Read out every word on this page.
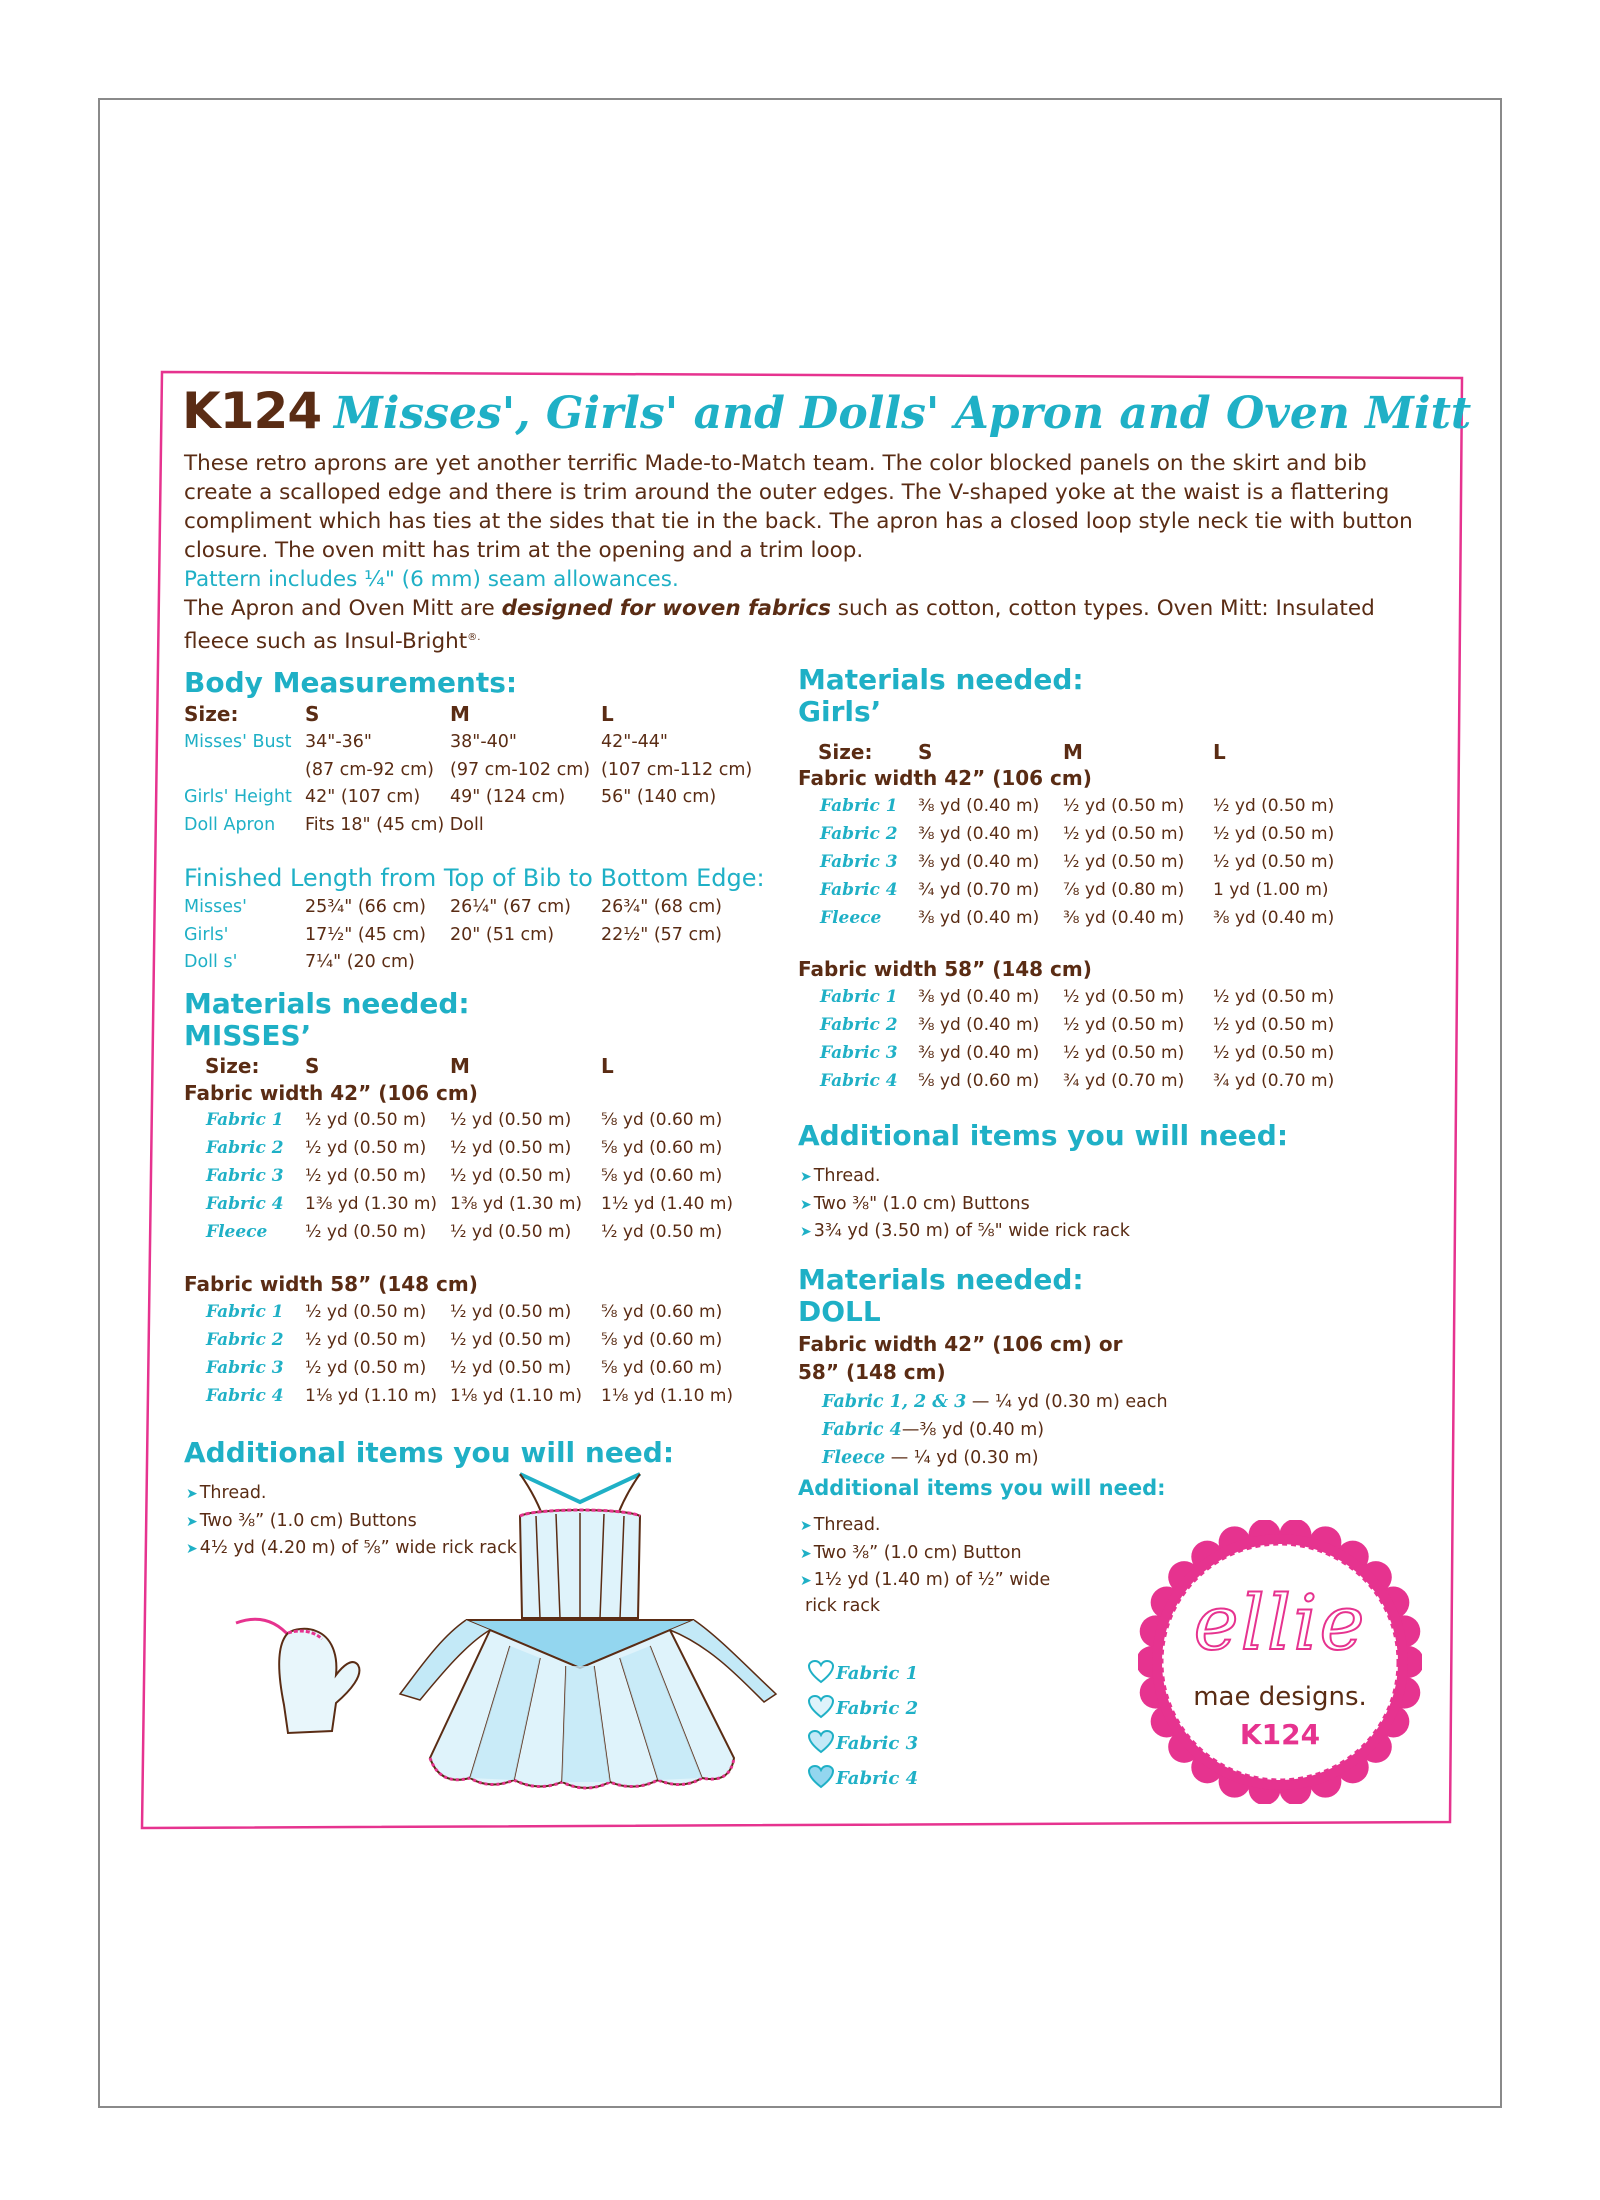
K124 Misses', Girls' and Dolls' Apron and Oven Mitt

These retro aprons are yet another terrific Made-to-Match team. The color blocked panels on the skirt and bib create a scalloped edge and there is trim around the outer edges. The V-shaped yoke at the waist is a flattering compliment which has ties at the sides that tie in the back. The apron has a closed loop style neck tie with button closure. The oven mitt has trim at the opening and a trim loop.

Pattern includes ¼" (6 mm) seam allowances.

The Apron and Oven Mitt are designed for woven fabrics such as cotton, cotton types. Oven Mitt: Insulated fleece such as Insul-Bright®.

Body Measurements:
Size:	S	M	L
Misses' Bust 34"-36"	38"-40"	42"-44"
(87 cm-92 cm) (97 cm-102 cm) (107 cm-112 cm)
Girls' Height 42" (107 cm) 49" (124 cm) 56" (140 cm)
Doll Apron Fits 18" (45 cm) Doll
Finished Length from Top of Bib to Bottom Edge:
Misses'	25¾" (66 cm) 26¼" (67 cm) 26¾" (68 cm)
Girls'	17½" (45 cm) 20" (51 cm)	22½" (57 cm)
Doll s'	7¼" (20 cm)
Materials needed:
MISSES’
Size: S	M	L
Fabric width 42” (106 cm)
Fabric 1 ½ yd (0.50 m) ½ yd (0.50 m) ⅝ yd (0.60 m)
Fabric 2 ½ yd (0.50 m) ½ yd (0.50 m) ⅝ yd (0.60 m)
Fabric 3 ½ yd (0.50 m) ½ yd (0.50 m) ⅝ yd (0.60 m)
Fabric 4 1⅜ yd (1.30 m) 1⅜ yd (1.30 m) 1½ yd (1.40 m)
Fleece ½ yd (0.50 m) ½ yd (0.50 m) ½ yd (0.50 m)
Fabric width 58” (148 cm)
Fabric 1 ½ yd (0.50 m) ½ yd (0.50 m) ⅝ yd (0.60 m)
Fabric 2 ½ yd (0.50 m) ½ yd (0.50 m) ⅝ yd (0.60 m)
Fabric 3 ½ yd (0.50 m) ½ yd (0.50 m) ⅝ yd (0.60 m)
Fabric 4 1⅛ yd (1.10 m) 1⅛ yd (1.10 m) 1⅛ yd (1.10 m)
Additional items you will need:
➤ Thread.
➤ Two ⅜” (1.0 cm) Buttons
➤ 4½ yd (4.20 m) of ⅝” wide rick rack
Materials needed:
Girls’
Size: S	M	L
Fabric width 42” (106 cm)
Fabric 1 ⅜ yd (0.40 m) ½ yd (0.50 m) ½ yd (0.50 m)
Fabric 2 ⅜ yd (0.40 m) ½ yd (0.50 m) ½ yd (0.50 m)
Fabric 3 ⅜ yd (0.40 m) ½ yd (0.50 m) ½ yd (0.50 m)
Fabric 4 ¾ yd (0.70 m) ⅞ yd (0.80 m) 1 yd (1.00 m)
Fleece ⅜ yd (0.40 m) ⅜ yd (0.40 m) ⅜ yd (0.40 m)
Fabric width 58” (148 cm)
Fabric 1 ⅜ yd (0.40 m) ½ yd (0.50 m) ½ yd (0.50 m)
Fabric 2 ⅜ yd (0.40 m) ½ yd (0.50 m) ½ yd (0.50 m)
Fabric 3 ⅜ yd (0.40 m) ½ yd (0.50 m) ½ yd (0.50 m)
Fabric 4 ⅝ yd (0.60 m) ¾ yd (0.70 m) ¾ yd (0.70 m)
Additional items you will need:
➤ Thread.
➤ Two ⅜" (1.0 cm) Buttons
➤ 3¾ yd (3.50 m) of ⅝" wide rick rack
Materials needed:
DOLL
Fabric width 42” (106 cm) or
58” (148 cm)
Fabric 1, 2 & 3 — ¼ yd (0.30 m) each
Fabric 4—⅜ yd (0.40 m)
Fleece — ¼ yd (0.30 m)
Additional items you will need:
➤ Thread.
➤ Two ⅜” (1.0 cm) Button
➤ 1½ yd (1.40 m) of ½” wide
rick rack
Fabric 1
Fabric 2
Fabric 3
Fabric 4
ellie
mae designs.
K124
